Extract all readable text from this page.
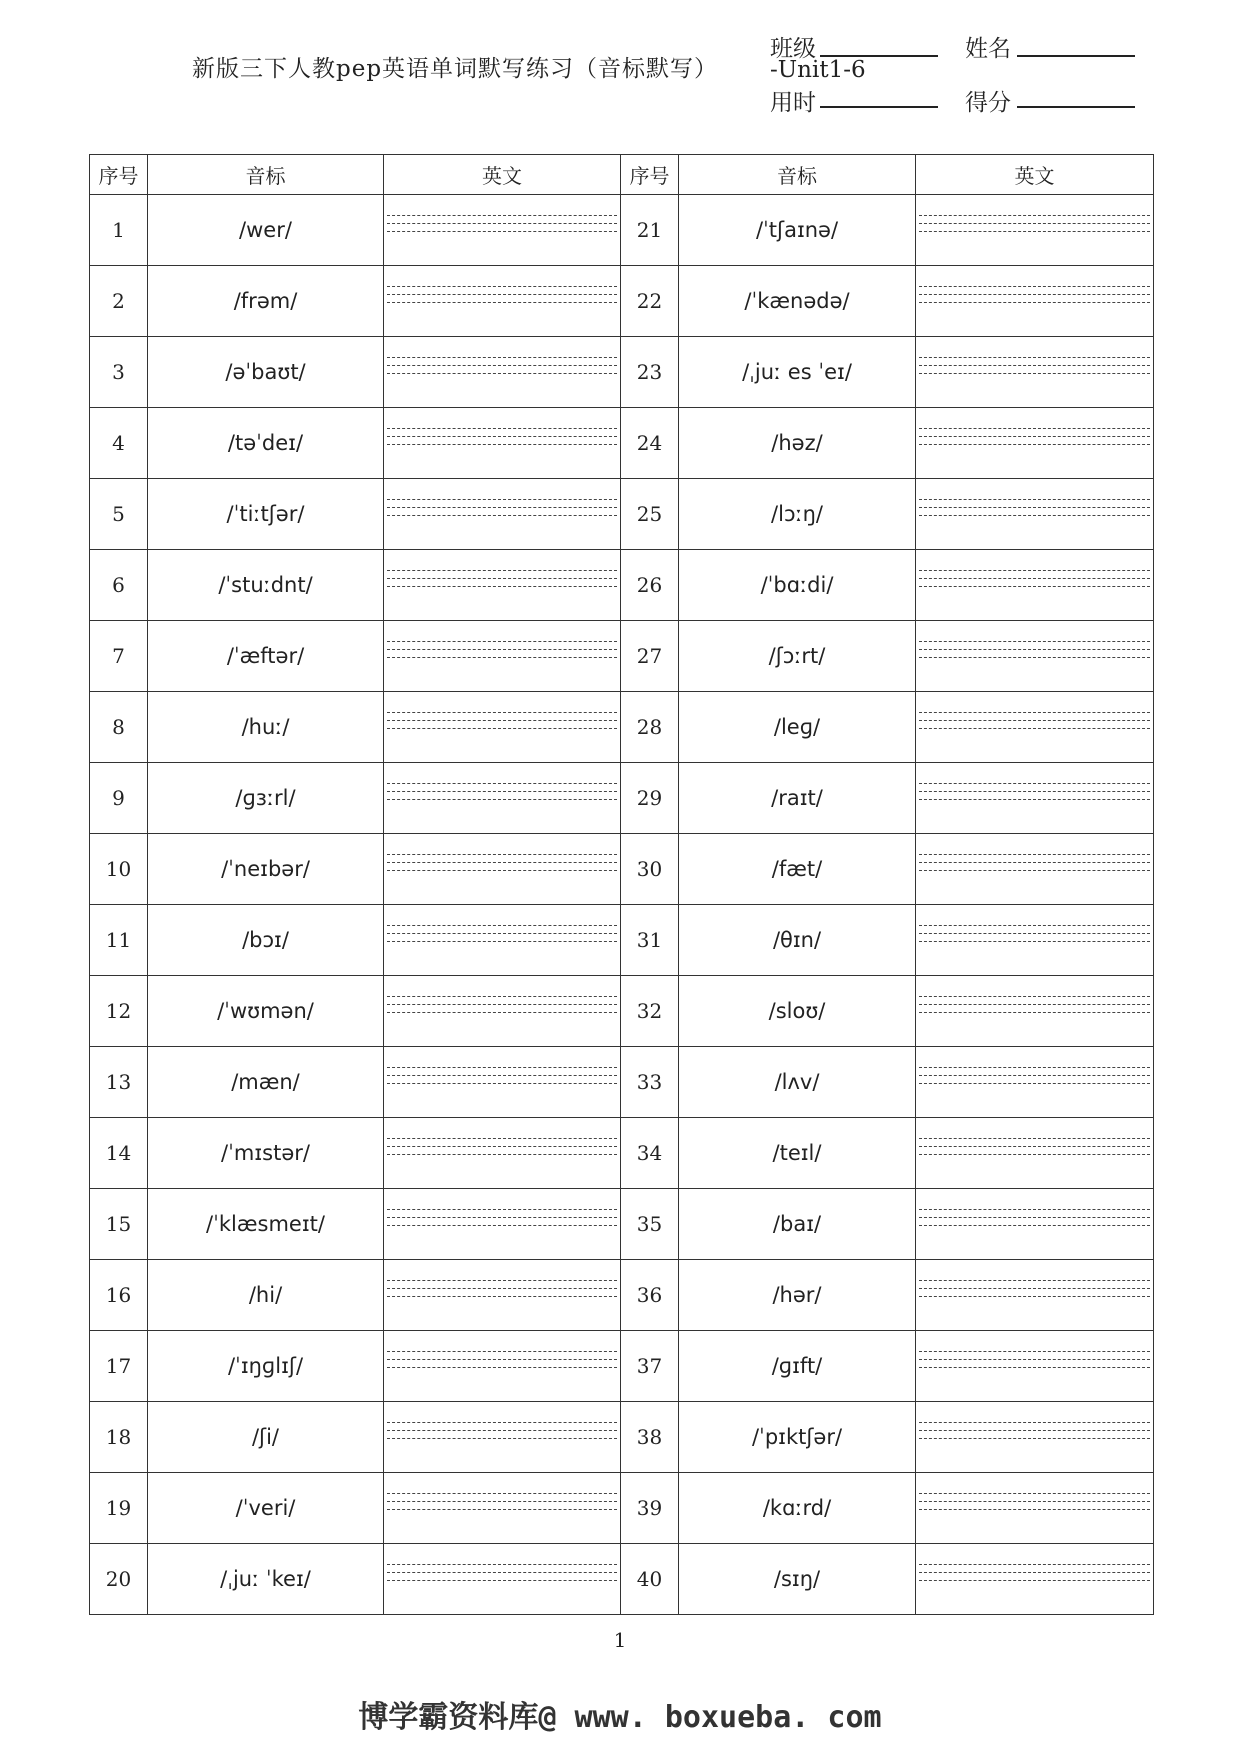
新版三下人教pep英语单词默写练习（音标默写） -Unit1-6
班级	姓名
用时	得分
序号	音标	英文	序号	音标	英文
1	/wer/		21	/ˈtʃaɪnə/	

2	/frəm/		22	/ˈkænədə/	

3	/əˈbaʊt/		23	/ˌjuː es ˈeɪ/	

4	/təˈdeɪ/		24	/həz/	

5	/ˈtiːtʃər/		25	/lɔːŋ/	

6	/ˈstuːdnt/		26	/ˈbɑːdi/	

7	/ˈæftər/		27	/ʃɔːrt/	

8	/huː/		28	/leɡ/	

9	/ɡɜːrl/		29	/raɪt/	

10	/ˈneɪbər/		30	/fæt/	

11	/bɔɪ/		31	/θɪn/	

12	/ˈwʊmən/		32	/sloʊ/	

13	/mæn/		33	/lʌv/	

14	/ˈmɪstər/		34	/teɪl/	

15	/ˈklæsmeɪt/		35	/baɪ/	

16	/hi/		36	/hər/	

17	/ˈɪŋɡlɪʃ/		37	/ɡɪft/	

18	/ʃi/		38	/ˈpɪktʃər/	

19	/ˈveri/		39	/kɑːrd/	

20	/ˌjuː ˈkeɪ/		40	/sɪŋ/	
1
博学霸资料库@ www. boxueba. com
